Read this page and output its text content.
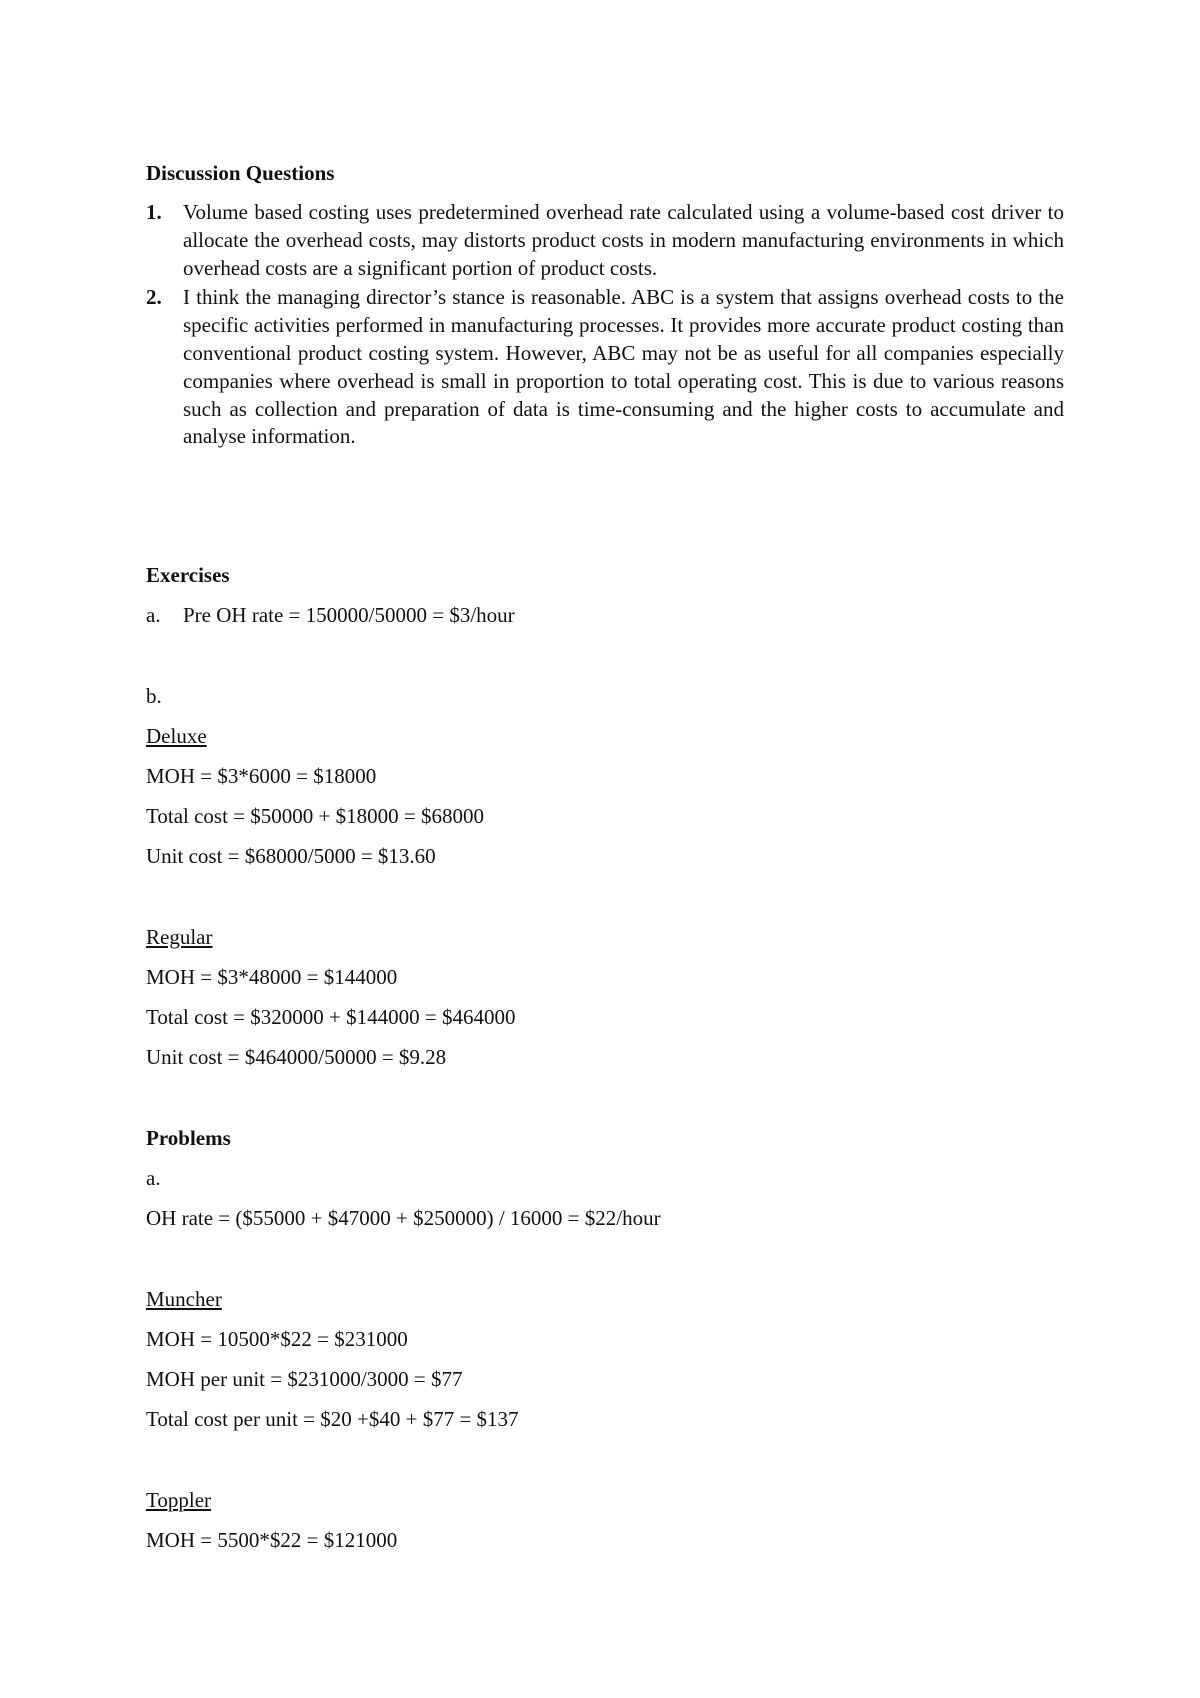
Discussion Questions

1. Volume based costing uses predetermined overhead rate calculated using a volume-based cost driver to allocate the overhead costs, may distorts product costs in modern manufacturing environments in which overhead costs are a significant portion of product costs.
2. I think the managing director’s stance is reasonable. ABC is a system that assigns overhead costs to the specific activities performed in manufacturing processes. It provides more accurate product costing than conventional product costing system. However, ABC may not be as useful for all companies especially companies where overhead is small in proportion to total operating cost. This is due to various reasons such as collection and preparation of data is time-consuming and the higher costs to accumulate and analyse information.

Exercises

a. Pre OH rate = 150000/50000 = $3/hour

b.

Deluxe

MOH = $3*6000 = $18000

Total cost = $50000 + $18000 = $68000

Unit cost = $68000/5000 = $13.60

Regular

MOH = $3*48000 = $144000

Total cost = $320000 + $144000 = $464000

Unit cost = $464000/50000 = $9.28

Problems

a.

OH rate = ($55000 + $47000 + $250000) / 16000 = $22/hour

Muncher

MOH = 10500*$22 = $231000

MOH per unit = $231000/3000 = $77

Total cost per unit = $20 +$40 + $77 = $137

Toppler

MOH = 5500*$22 = $121000
